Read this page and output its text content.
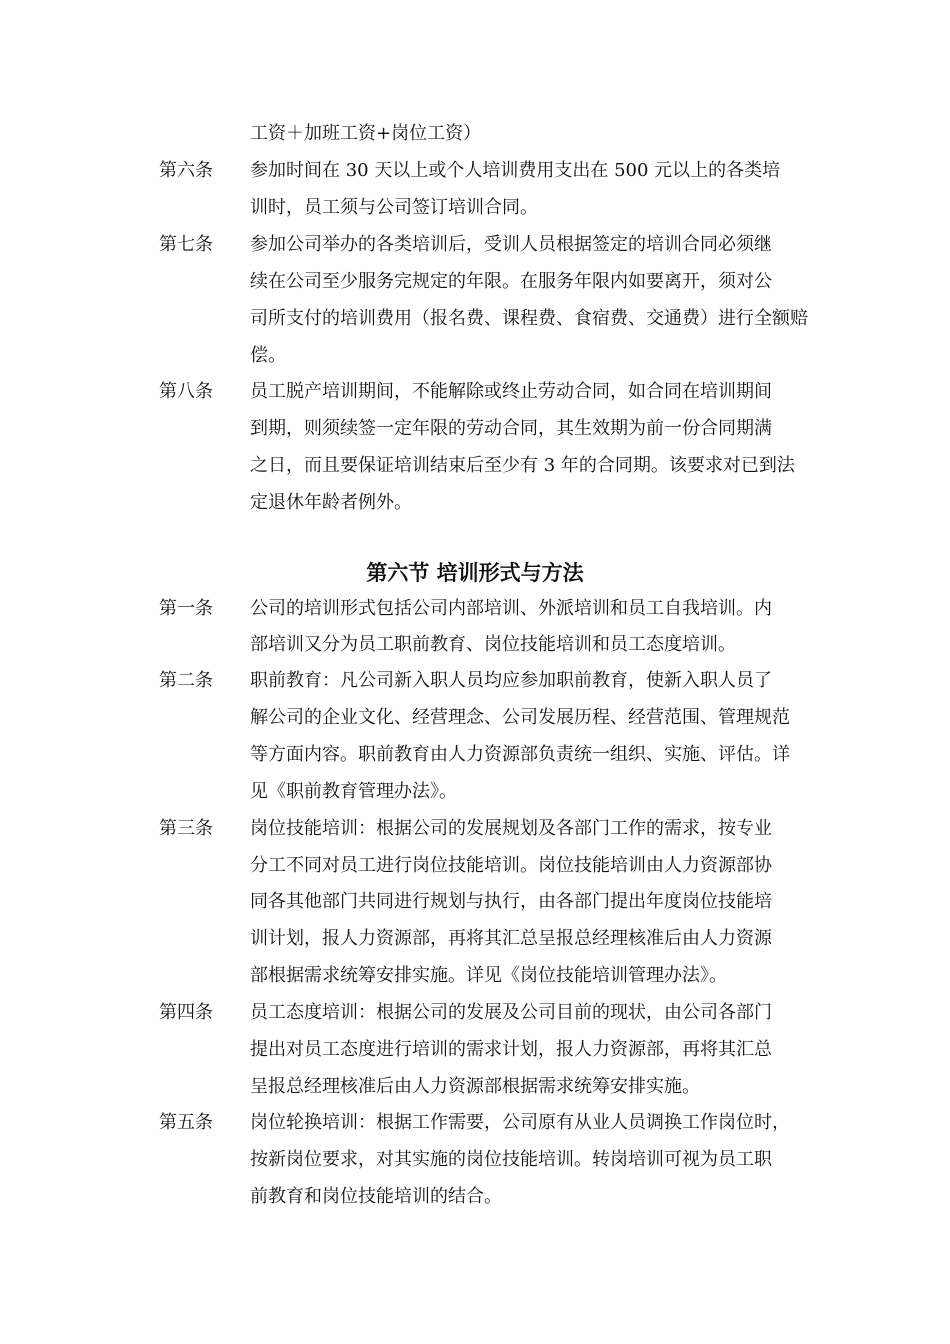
工资＋加班工资+岗位工资）
第六条 参加时间在 30 天以上或个人培训费用支出在 500 元以上的各类培
训时，员工须与公司签订培训合同。
第七条 参加公司举办的各类培训后，受训人员根据签定的培训合同必须继
续在公司至少服务完规定的年限。在服务年限内如要离开，须对公
司所支付的培训费用（报名费、课程费、食宿费、交通费）进行全额赔
偿。
第八条 员工脱产培训期间，不能解除或终止劳动合同，如合同在培训期间
到期，则须续签一定年限的劳动合同，其生效期为前一份合同期满
之日，而且要保证培训结束后至少有 3 年的合同期。该要求对已到法
定退休年龄者例外。
第六节 培训形式与方法
第一条 公司的培训形式包括公司内部培训、外派培训和员工自我培训。内
部培训又分为员工职前教育、岗位技能培训和员工态度培训。
第二条 职前教育：凡公司新入职人员均应参加职前教育，使新入职人员了
解公司的企业文化、经营理念、公司发展历程、经营范围、管理规范
等方面内容。职前教育由人力资源部负责统一组织、实施、评估。详
见《职前教育管理办法》。
第三条 岗位技能培训：根据公司的发展规划及各部门工作的需求，按专业
分工不同对员工进行岗位技能培训。岗位技能培训由人力资源部协
同各其他部门共同进行规划与执行，由各部门提出年度岗位技能培
训计划，报人力资源部，再将其汇总呈报总经理核准后由人力资源
部根据需求统筹安排实施。详见《岗位技能培训管理办法》。
第四条 员工态度培训：根据公司的发展及公司目前的现状，由公司各部门
提出对员工态度进行培训的需求计划，报人力资源部，再将其汇总
呈报总经理核准后由人力资源部根据需求统筹安排实施。
第五条 岗位轮换培训：根据工作需要，公司原有从业人员调换工作岗位时，
按新岗位要求，对其实施的岗位技能培训。转岗培训可视为员工职
前教育和岗位技能培训的结合。
